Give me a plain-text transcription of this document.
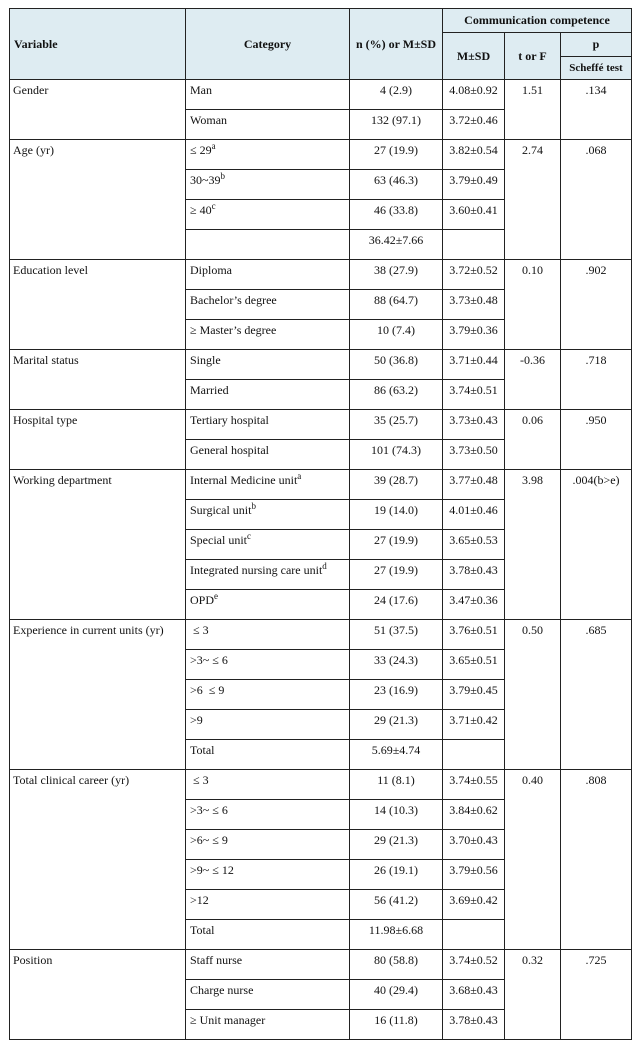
Variable	Category	n (%) or M±SD	Communication competence		
			M±SD	t or F	p
					Scheffé test
Gender	Man	4 (2.9)	4.08±0.92	1.51	.134
	Woman	132 (97.1)	3.72±0.46		
Age (yr)	≤ $29^a$	27 (19.9)	3.82±0.54	2.74	.068
	30~39$^b$	63 (46.3)	3.79±0.49		
	≥ $40^c$	46 (33.8)	3.60±0.41		
		36.42±7.66			
Education level	Diploma	38 (27.9)	3.72±0.52	0.10	.902
	Bachelor’s degree	88 (64.7)	3.73±0.48		
	≥ Master’s degree	10 (7.4)	3.79±0.36		
Marital status	Single	50 (36.8)	3.71±0.44	-0.36	.718
	Married	86 (63.2)	3.74±0.51		
Hospital type	Tertiary hospital	35 (25.7)	3.73±0.43	0.06	.950
	General hospital	101 (74.3)	3.73±0.50		
Working department	Internal Medicine unit$^a$	39 (28.7)	3.77±0.48	3.98	.004(b>e)
	Surgical unit$^b$	19 (14.0)	4.01±0.46		
	Special unit$^c$	27 (19.9)	3.65±0.53		
	Integrated nursing care unit$^d$	27 (19.9)	3.78±0.43		
	OPD$^e$	24 (17.6)	3.47±0.36		
Experience in current units (yr)	≤ 3	51 (37.5)	3.76±0.51	0.50	.685
	>3~ ≤ 6	33 (24.3)	3.65±0.51		
	>6  ≤ 9	23 (16.9)	3.79±0.45		
	>9	29 (21.3)	3.71±0.42		
	Total	5.69±4.74			
Total clinical career (yr)	≤ 3	11 (8.1)	3.74±0.55	0.40	.808
	>3~ ≤ 6	14 (10.3)	3.84±0.62		
	>6~ ≤ 9	29 (21.3)	3.70±0.43		
	>9~ ≤ 12	26 (19.1)	3.79±0.56		
	>12	56 (41.2)	3.69±0.42		
	Total	11.98±6.68			
Position	Staff nurse	80 (58.8)	3.74±0.52	0.32	.725
	Charge nurse	40 (29.4)	3.68±0.43		
	≥ Unit manager	16 (11.8)	3.78±0.43		
